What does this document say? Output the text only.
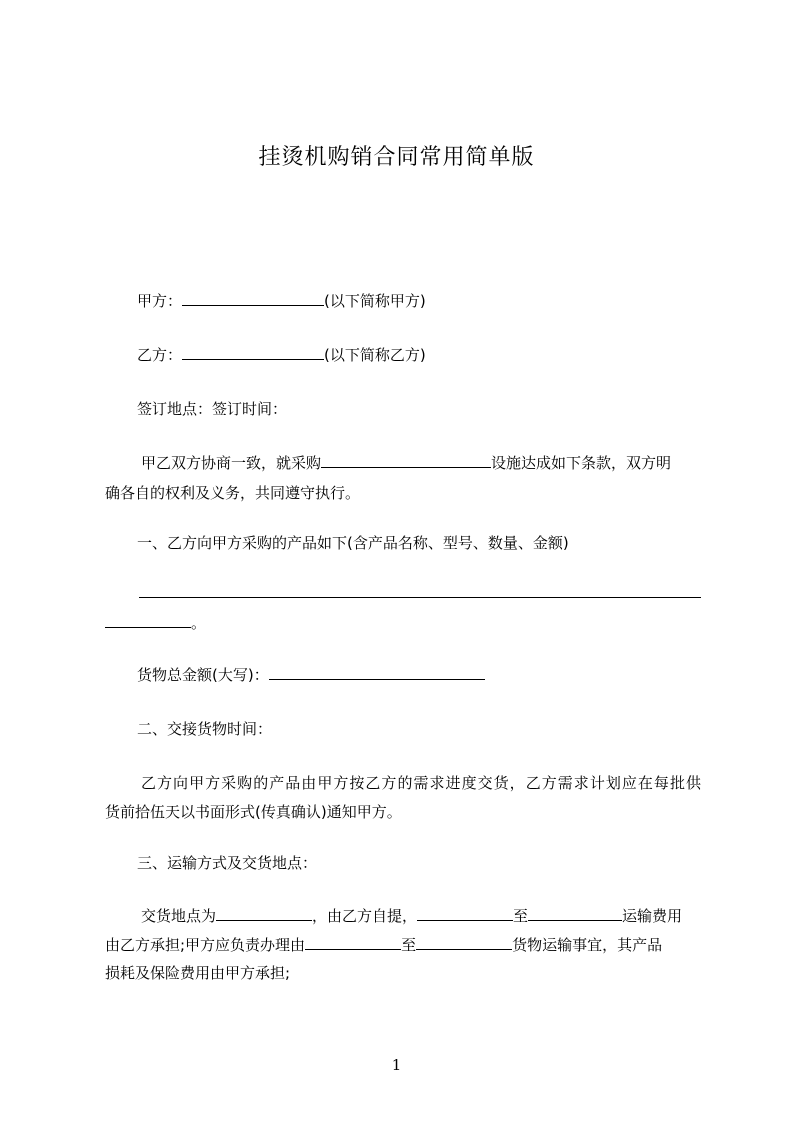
挂烫机购销合同常用简单版
甲方：	(以下简称甲方)
乙方：	(以下简称乙方)
签订地点：签订时间：
甲乙双方协商一致，就采购	设施达成如下条款，双方明
确各自的权利及义务，共同遵守执行。
一、乙方向甲方采购的产品如下(含产品名称、型号、数量、金额)
。
货物总金额(大写)：
二、交接货物时间：
乙方向甲方采购的产品由甲方按乙方的需求进度交货，乙方需求计划应在每批供
货前拾伍天以书面形式(传真确认)通知甲方。
三、运输方式及交货地点：
交货地点为	，由乙方自提，	至	运输费用
由乙方承担;甲方应负责办理由	至	货物运输事宜，其产品
损耗及保险费用由甲方承担;
1
